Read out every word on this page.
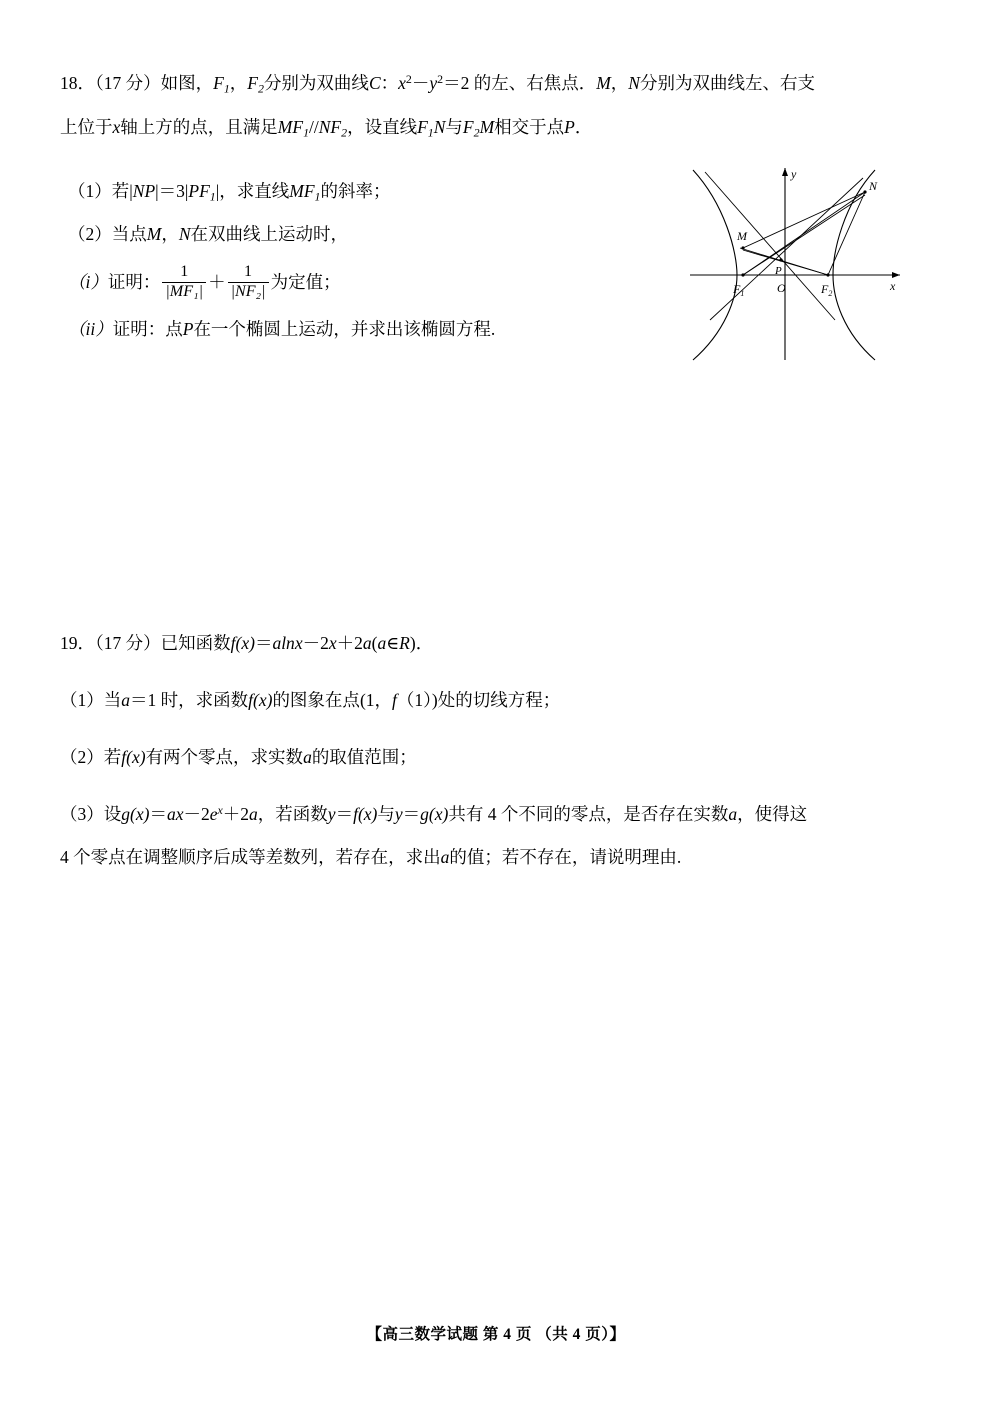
18．（17 分）如图，$F_1$，$F_2$分别为双曲线C：$x^2-y^2=2$ 的左、右焦点．M，N分别为双曲线左、右支
上位于x轴上方的点，且满足$MF_1//NF_2$，设直线$F_1N$与$F_2M$相交于点P．
（1）若$|NP|=3|PF_1|$，求直线$MF_1$的斜率；
（2）当点M，N在双曲线上运动时，
（i）证明： $\frac{1}{\text{|MF₁|}} + \frac{1}{\text{|NF₂|}}$ 为定值；
（ii）证明：点P在一个椭圆上运动，并求出该椭圆方程.
O	x
y
$F_1$	$F_2$
M
N
P
19．（17 分）已知函数f(x)＝alnx－2x＋2a(a∈R)．
（1）当a＝1 时，求函数f(x)的图象在点(1，f（1）)处的切线方程；
（2）若f(x)有两个零点，求实数a的取值范围；
（3）设$g(x)=ax-2e^x+2a$，若函数y＝f(x)与y＝g(x)共有 4 个不同的零点，是否存在实数a，使得这
4 个零点在调整顺序后成等差数列，若存在，求出a的值；若不存在，请说明理由.
【高三数学试题 第 4 页 （共 4 页）】
